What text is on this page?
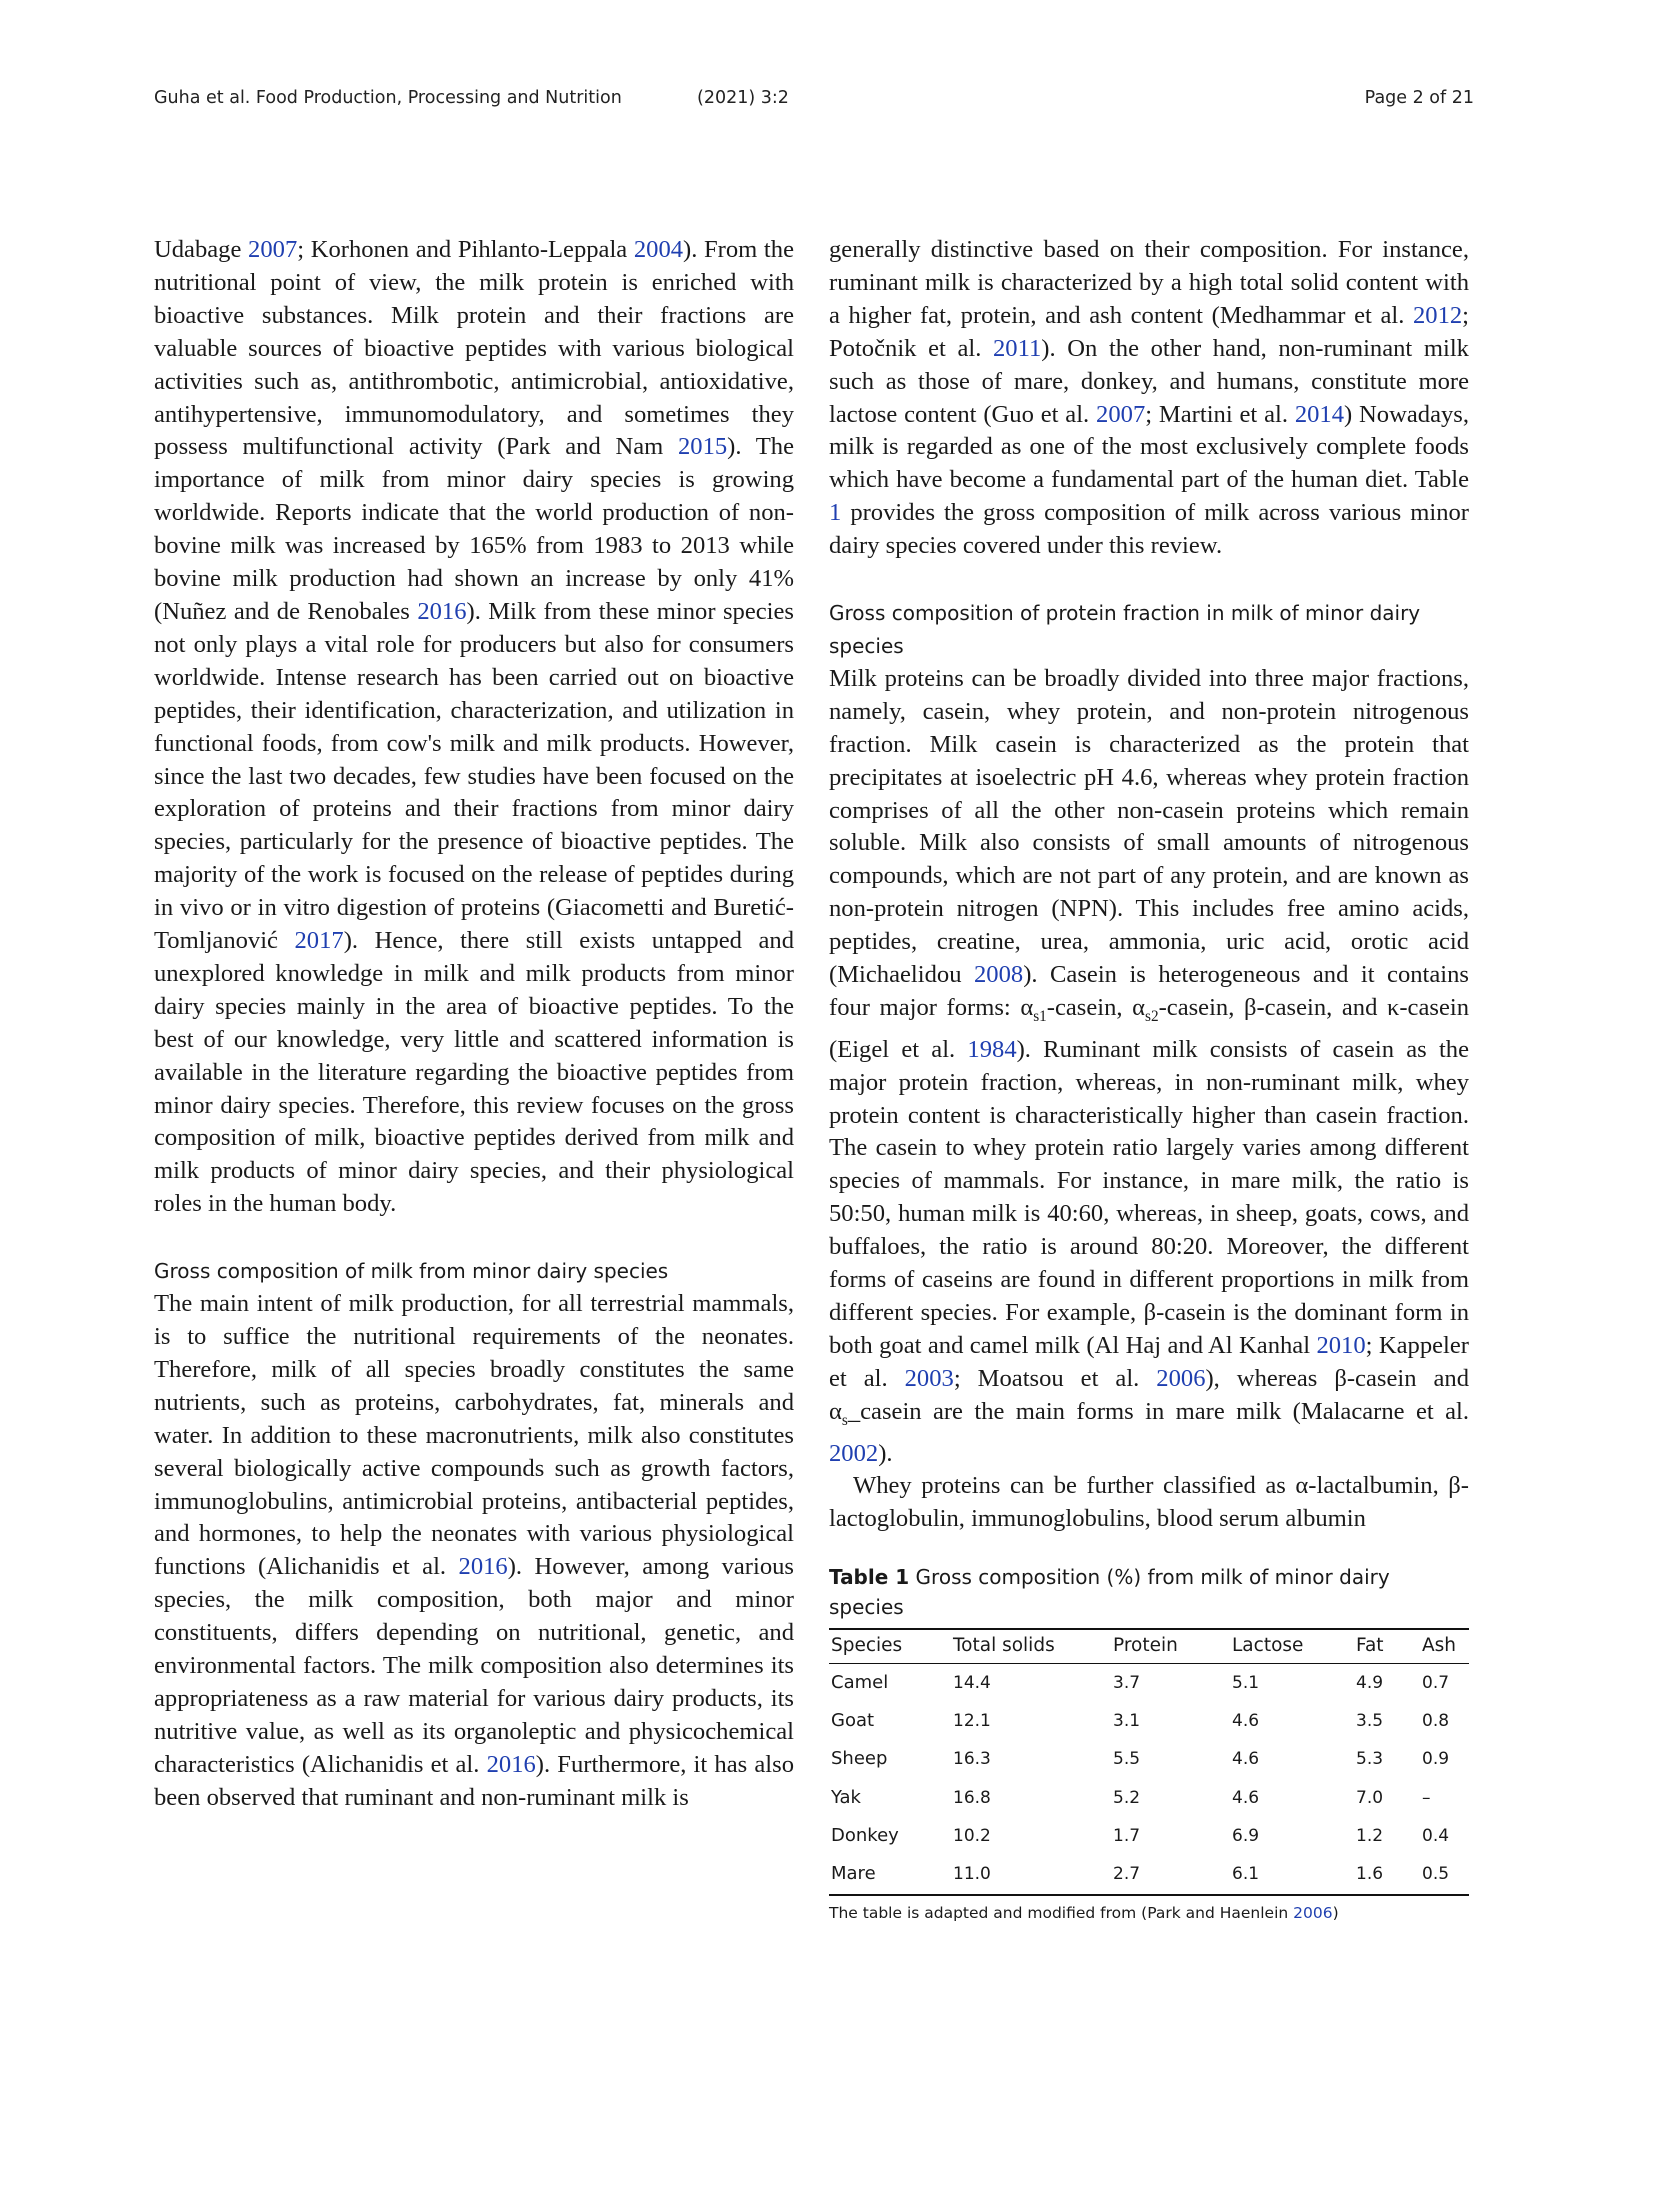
Guha et al. Food Production, Processing and Nutrition	(2021) 3:2	Page 2 of 21

Udabage 2007; Korhonen and Pihlanto-Leppala 2004). From the nutritional point of view, the milk protein is enriched with bioactive substances. Milk protein and their fractions are valuable sources of bioactive peptides with various biological activities such as, antithrombotic, antimicrobial, antioxidative, antihypertensive, immunomodulatory, and sometimes they possess multifunctional activity (Park and Nam 2015). The importance of milk from minor dairy species is growing worldwide. Reports indicate that the world production of non-bovine milk was increased by 165% from 1983 to 2013 while bovine milk production had shown an increase by only 41% (Nuñez and de Renobales 2016). Milk from these minor species not only plays a vital role for producers but also for consumers worldwide. Intense research has been carried out on bioactive peptides, their identification, characterization, and utilization in functional foods, from cow's milk and milk products. However, since the last two decades, few studies have been focused on the exploration of proteins and their fractions from minor dairy species, particularly for the presence of bioactive peptides. The majority of the work is focused on the release of peptides during in vivo or in vitro digestion of proteins (Giacometti and Buretić-Tomljanović 2017). Hence, there still exists untapped and unexplored knowledge in milk and milk products from minor dairy species mainly in the area of bioactive peptides. To the best of our knowledge, very little and scattered information is available in the literature regarding the bioactive peptides from minor dairy species. Therefore, this review focuses on the gross composition of milk, bioactive peptides derived from milk and milk products of minor dairy species, and their physiological roles in the human body.

Gross composition of milk from minor dairy species

The main intent of milk production, for all terrestrial mammals, is to suffice the nutritional requirements of the neonates. Therefore, milk of all species broadly constitutes the same nutrients, such as proteins, carbohydrates, fat, minerals and water. In addition to these macronutrients, milk also constitutes several biologically active compounds such as growth factors, immunoglobulins, antimicrobial proteins, antibacterial peptides, and hormones, to help the neonates with various physiological functions (Alichanidis et al. 2016). However, among various species, the milk composition, both major and minor constituents, differs depending on nutritional, genetic, and environmental factors. The milk composition also determines its appropriateness as a raw material for various dairy products, its nutritive value, as well as its organoleptic and physicochemical characteristics (Alichanidis et al. 2016). Furthermore, it has also been observed that ruminant and non-ruminant milk is

generally distinctive based on their composition. For instance, ruminant milk is characterized by a high total solid content with a higher fat, protein, and ash content (Medhammar et al. 2012; Potočnik et al. 2011). On the other hand, non-ruminant milk such as those of mare, donkey, and humans, constitute more lactose content (Guo et al. 2007; Martini et al. 2014) Nowadays, milk is regarded as one of the most exclusively complete foods which have become a fundamental part of the human diet. Table 1 provides the gross composition of milk across various minor dairy species covered under this review.

Gross composition of protein fraction in milk of minor dairy species

Milk proteins can be broadly divided into three major fractions, namely, casein, whey protein, and non-protein nitrogenous fraction. Milk casein is characterized as the protein that precipitates at isoelectric pH 4.6, whereas whey protein fraction comprises of all the other non-casein proteins which remain soluble. Milk also consists of small amounts of nitrogenous compounds, which are not part of any protein, and are known as non-protein nitrogen (NPN). This includes free amino acids, peptides, creatine, urea, ammonia, uric acid, orotic acid (Michaelidou 2008). Casein is heterogeneous and it contains four major forms: $\alpha_{s1}$-casein, $\alpha_{s2}$-casein, β-casein, and κ-casein (Eigel et al. 1984). Ruminant milk consists of casein as the major protein fraction, whereas, in non-ruminant milk, whey protein content is characteristically higher than casein fraction. The casein to whey protein ratio largely varies among different species of mammals. For instance, in mare milk, the ratio is 50:50, human milk is 40:60, whereas, in sheep, goats, cows, and buffaloes, the ratio is around 80:20. Moreover, the different forms of caseins are found in different proportions in milk from different species. For example, β-casein is the dominant form in both goat and camel milk (Al Haj and Al Kanhal 2010; Kappeler et al. 2003; Moatsou et al. 2006), whereas β-casein and $\alpha_s\_casein$ are the main forms in mare milk (Malacarne et al. 2002).

Whey proteins can be further classified as α-lactalbumin, β-lactoglobulin, immunoglobulins, blood serum albumin

Table 1 Gross composition (%) from milk of minor dairy species
Species	Total solids	Protein	Lactose	Fat	Ash
Camel	14.4	3.7	5.1	4.9	0.7
Goat	12.1	3.1	4.6	3.5	0.8
Sheep	16.3	5.5	4.6	5.3	0.9
Yak	16.8	5.2	4.6	7.0	–
Donkey	10.2	1.7	6.9	1.2	0.4
Mare	11.0	2.7	6.1	1.6	0.5
The table is adapted and modified from (Park and Haenlein 2006)
